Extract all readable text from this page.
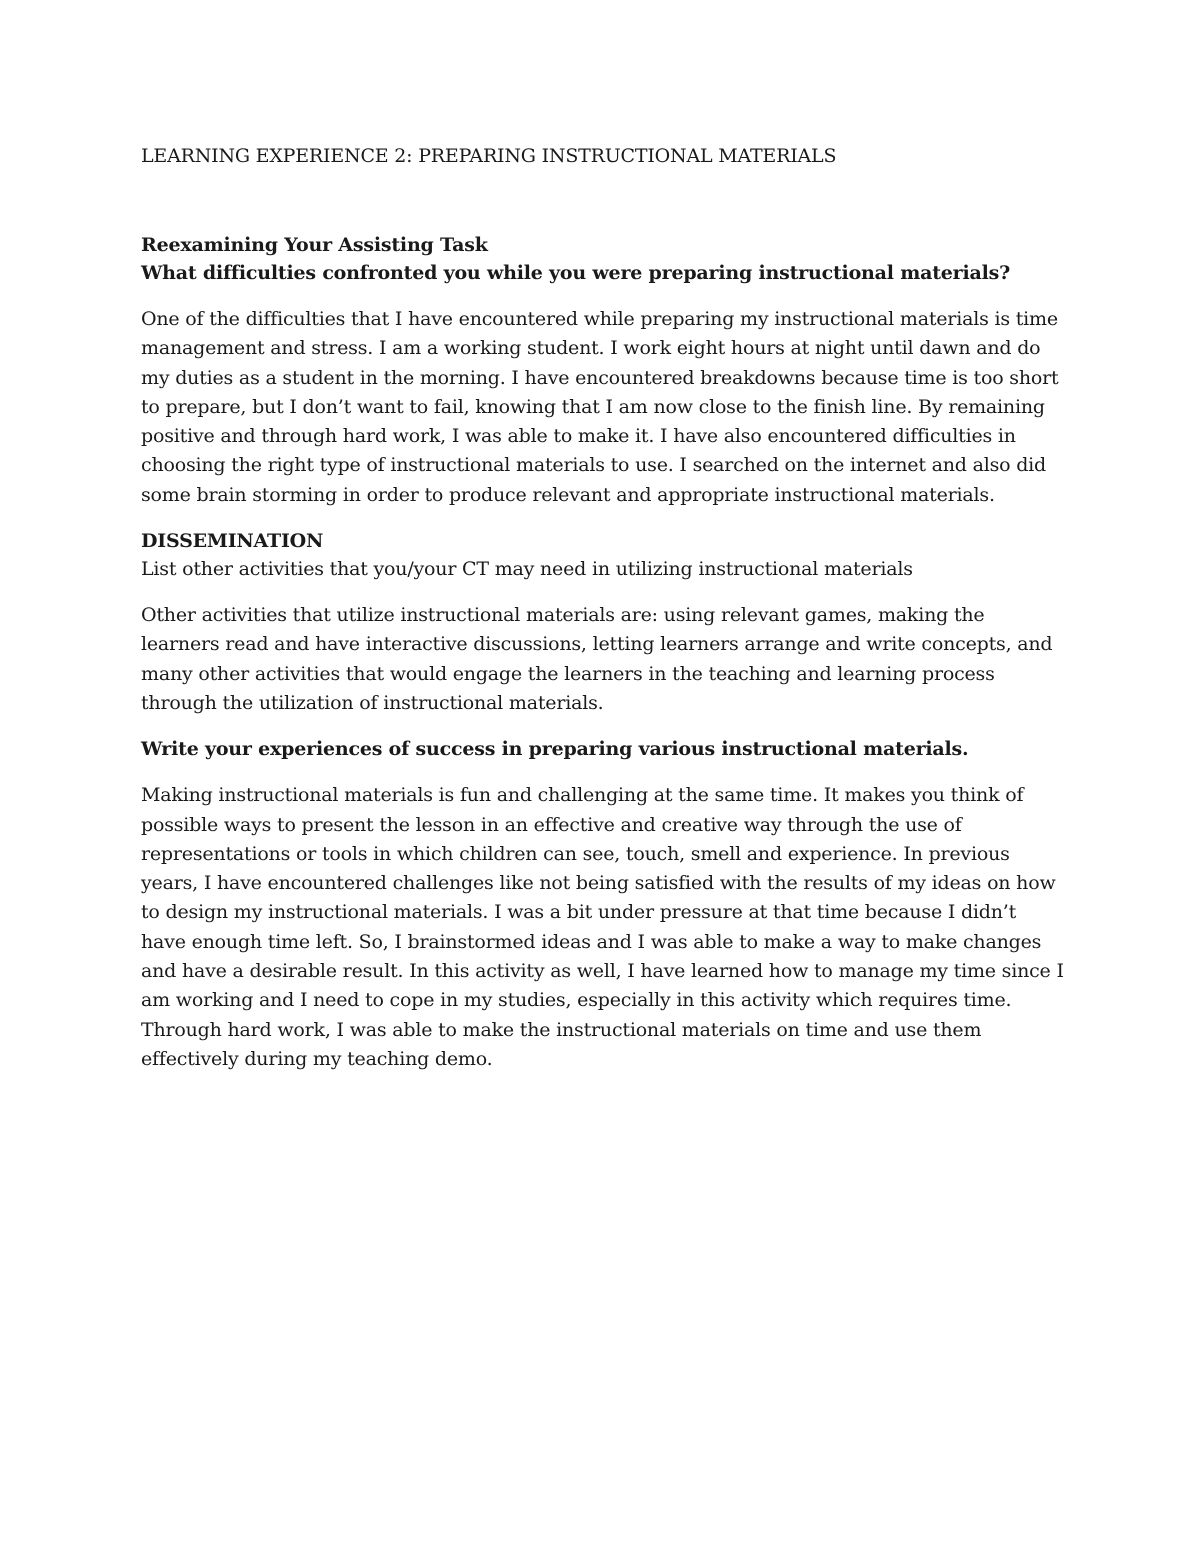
LEARNING EXPERIENCE 2: PREPARING INSTRUCTIONAL MATERIALS
Reexamining Your Assisting Task

What difficulties confronted you while you were preparing instructional materials?

One of the difficulties that I have encountered while preparing my instructional materials is time management and stress. I am a working student. I work eight hours at night until dawn and do my duties as a student in the morning. I have encountered breakdowns because time is too short to prepare, but I don’t want to fail, knowing that I am now close to the finish line. By remaining positive and through hard work, I was able to make it. I have also encountered difficulties in choosing the right type of instructional materials to use. I searched on the internet and also did some brain storming in order to produce relevant and appropriate instructional materials.

DISSEMINATION

List other activities that you/your CT may need in utilizing instructional materials

Other activities that utilize instructional materials are: using relevant games, making the learners read and have interactive discussions, letting learners arrange and write concepts, and many other activities that would engage the learners in the teaching and learning process through the utilization of instructional materials.

Write your experiences of success in preparing various instructional materials.

Making instructional materials is fun and challenging at the same time. It makes you think of possible ways to present the lesson in an effective and creative way through the use of representations or tools in which children can see, touch, smell and experience. In previous years, I have encountered challenges like not being satisfied with the results of my ideas on how to design my instructional materials. I was a bit under pressure at that time because I didn’t have enough time left. So, I brainstormed ideas and I was able to make a way to make changes and have a desirable result. In this activity as well, I have learned how to manage my time since I am working and I need to cope in my studies, especially in this activity which requires time. Through hard work, I was able to make the instructional materials on time and use them effectively during my teaching demo.
